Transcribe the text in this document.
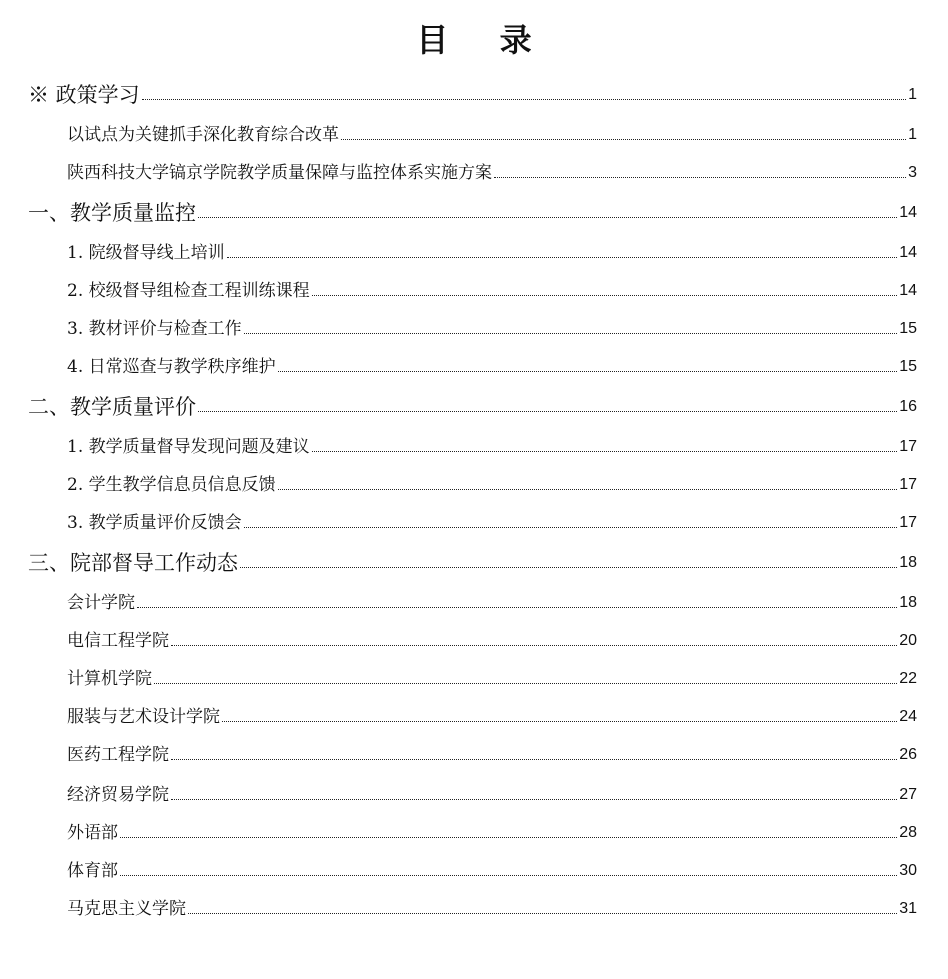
目 录
※ 政策学习	1
以试点为关键抓手深化教育综合改革	1
陕西科技大学镐京学院教学质量保障与监控体系实施方案	3
一、教学质量监控	14
1. 院级督导线上培训	14
2. 校级督导组检查工程训练课程	14
3. 教材评价与检查工作	15
4. 日常巡查与教学秩序维护	15
二、教学质量评价	16
1. 教学质量督导发现问题及建议	17
2. 学生教学信息员信息反馈	17
3. 教学质量评价反馈会	17
三、院部督导工作动态	18
会计学院	18
电信工程学院	20
计算机学院	22
服装与艺术设计学院	24
医药工程学院	26
经济贸易学院	27
外语部	28
体育部	30
马克思主义学院	31
